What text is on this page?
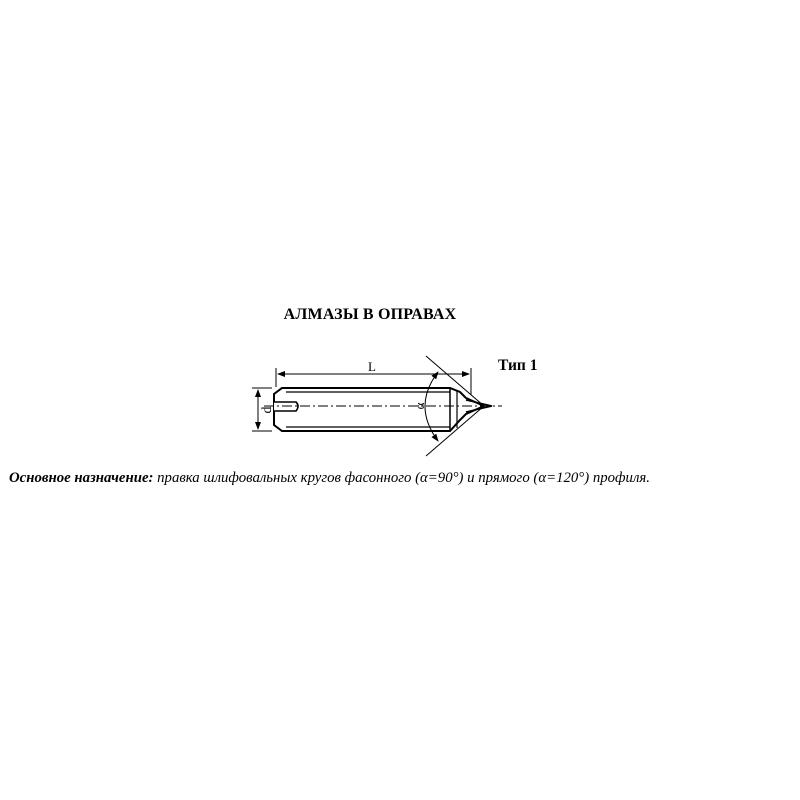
АЛМАЗЫ В ОПРАВАХ
Тип 1
L
d
α
Основное назначение: правка шлифовальных кругов фасонного (α=90°) и прямого (α=120°) профиля.
